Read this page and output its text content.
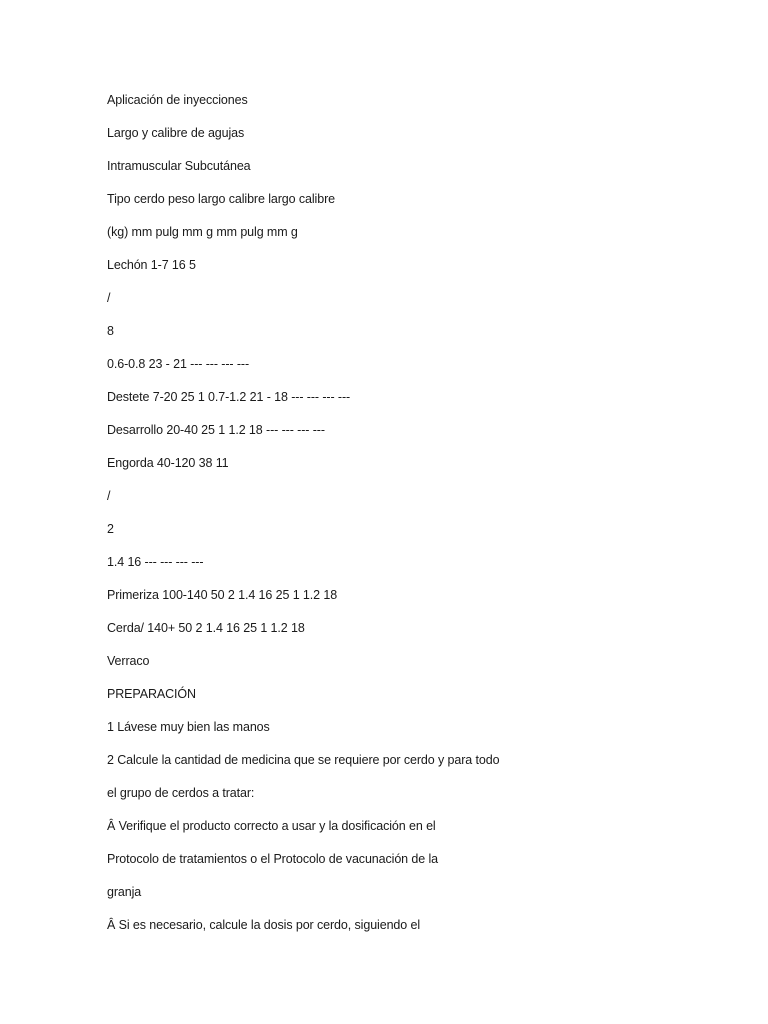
Aplicación de inyecciones
Largo y calibre de agujas
Intramuscular Subcutánea
Tipo cerdo peso largo calibre largo calibre
(kg) mm pulg mm g mm pulg mm g
Lechón 1-7 16 5
/
8
0.6-0.8 23 - 21 --- --- --- ---
Destete 7-20 25 1 0.7-1.2 21 - 18 --- --- --- ---
Desarrollo 20-40 25 1 1.2 18 --- --- --- ---
Engorda 40-120 38 11
/
2
1.4 16 --- --- --- ---
Primeriza 100-140 50 2 1.4 16 25 1 1.2 18
Cerda/ 140+ 50 2 1.4 16 25 1 1.2 18
Verraco
PREPARACIÓN
1 Lávese muy bien las manos
2 Calcule la cantidad de medicina que se requiere por cerdo y para todo
el grupo de cerdos a tratar:
Â Verifique el producto correcto a usar y la dosificación en el
Protocolo de tratamientos o el Protocolo de vacunación de la
granja
Â Si es necesario, calcule la dosis por cerdo, siguiendo el
